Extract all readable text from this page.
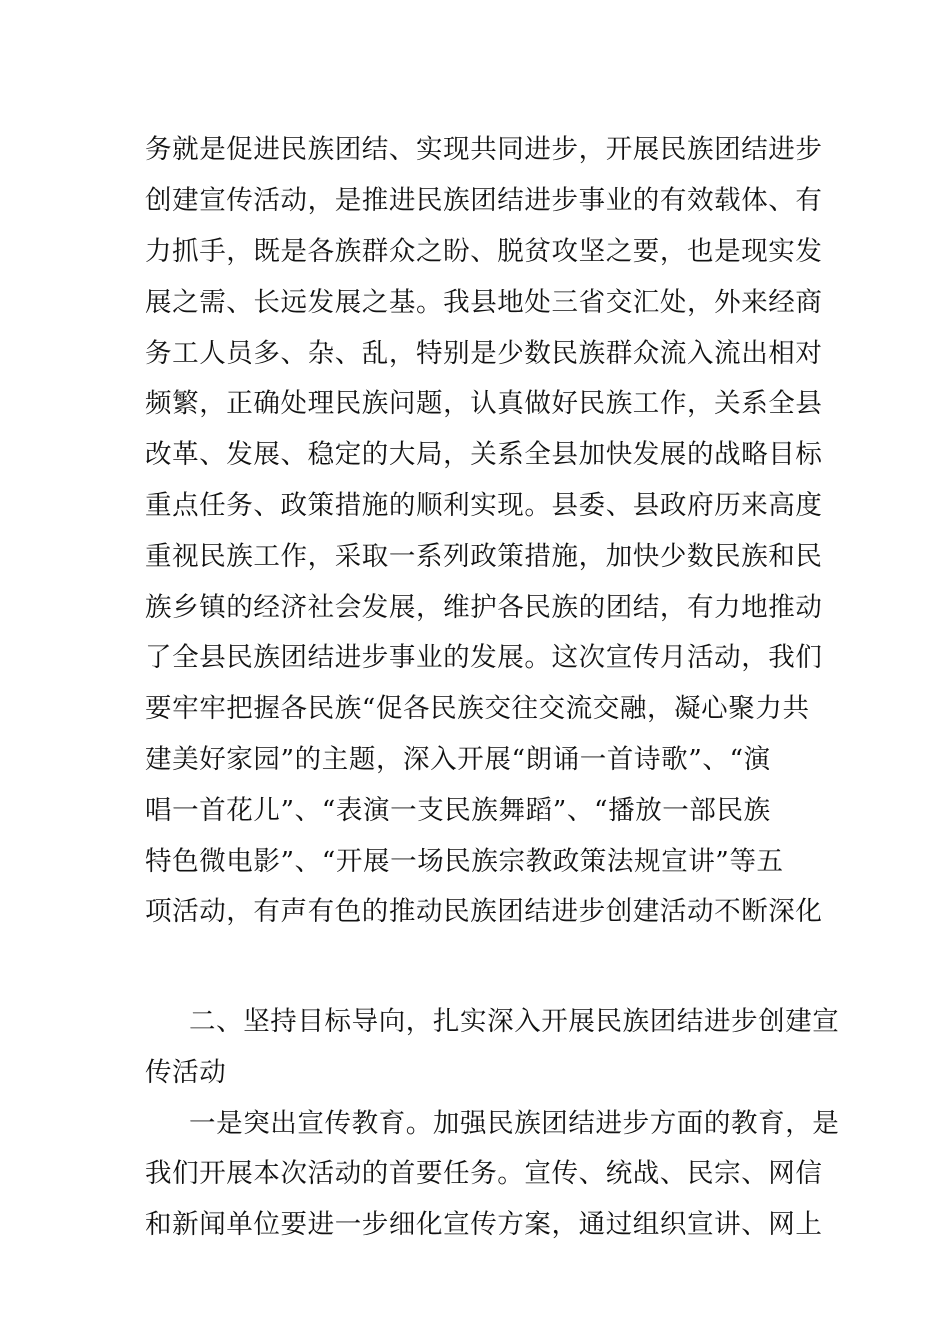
务就是促进民族团结、实现共同进步，开展民族团结进步
创建宣传活动，是推进民族团结进步事业的有效载体、有
力抓手，既是各族群众之盼、脱贫攻坚之要，也是现实发
展之需、长远发展之基。我县地处三省交汇处，外来经商
务工人员多、杂、乱，特别是少数民族群众流入流出相对
频繁，正确处理民族问题，认真做好民族工作，关系全县
改革、发展、稳定的大局，关系全县加快发展的战略目标
重点任务、政策措施的顺利实现。县委、县政府历来高度
重视民族工作，采取一系列政策措施，加快少数民族和民
族乡镇的经济社会发展，维护各民族的团结，有力地推动
了全县民族团结进步事业的发展。这次宣传月活动，我们
要牢牢把握各民族“促各民族交往交流交融，凝心聚力共
建美好家园”的主题，深入开展“朗诵一首诗歌”、“演
唱一首花儿”、“表演一支民族舞蹈”、“播放一部民族
特色微电影”、“开展一场民族宗教政策法规宣讲”等五
项活动，有声有色的推动民族团结进步创建活动不断深化
二、坚持目标导向，扎实深入开展民族团结进步创建宣
传活动
一是突出宣传教育。加强民族团结进步方面的教育，是
我们开展本次活动的首要任务。宣传、统战、民宗、网信
和新闻单位要进一步细化宣传方案，通过组织宣讲、网上
